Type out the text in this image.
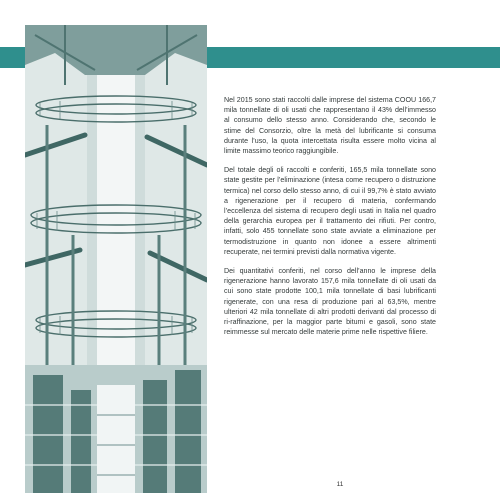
Nel 2015 sono stati raccolti dalle imprese del sistema COOU 166,7 mila tonnellate di oli usati che rappresentano il 43% dell’immesso al consumo dello stesso anno. Considerando che, secondo le stime del Consorzio, oltre la metà del lubrificante si consuma durante l’uso, la quota intercettata risulta essere molto vicina al limite massimo teorico raggiungibile.

Del totale degli oli raccolti e conferiti, 165,5 mila tonnellate sono state gestite per l’eliminazione (intesa come recupero o distruzione termica) nel corso dello stesso anno, di cui il 99,7% è stato avviato a rigenerazione per il recupero di materia, confermando l’eccellenza del sistema di recupero degli usati in Italia nel quadro della gerarchia europea per il trattamento dei rifiuti. Per contro, infatti, solo 455 tonnellate sono state avviate a eliminazione per termodistruzione in quanto non idonee a essere altrimenti recuperate, nei termini previsti dalla normativa vigente.

Dei quantitativi conferiti, nel corso dell’anno le imprese della rigenerazione hanno lavorato 157,6 mila tonnellate di oli usati da cui sono state prodotte 100,1 mila tonnellate di basi lubrificanti rigenerate, con una resa di produzione pari al 63,5%, mentre ulteriori 42 mila tonnellate di altri prodotti derivanti dal processo di ri-raffinazione, per la maggior parte bitumi e gasoli, sono state reimmesse sul mercato delle materie prime nelle rispettive filiere.

11
